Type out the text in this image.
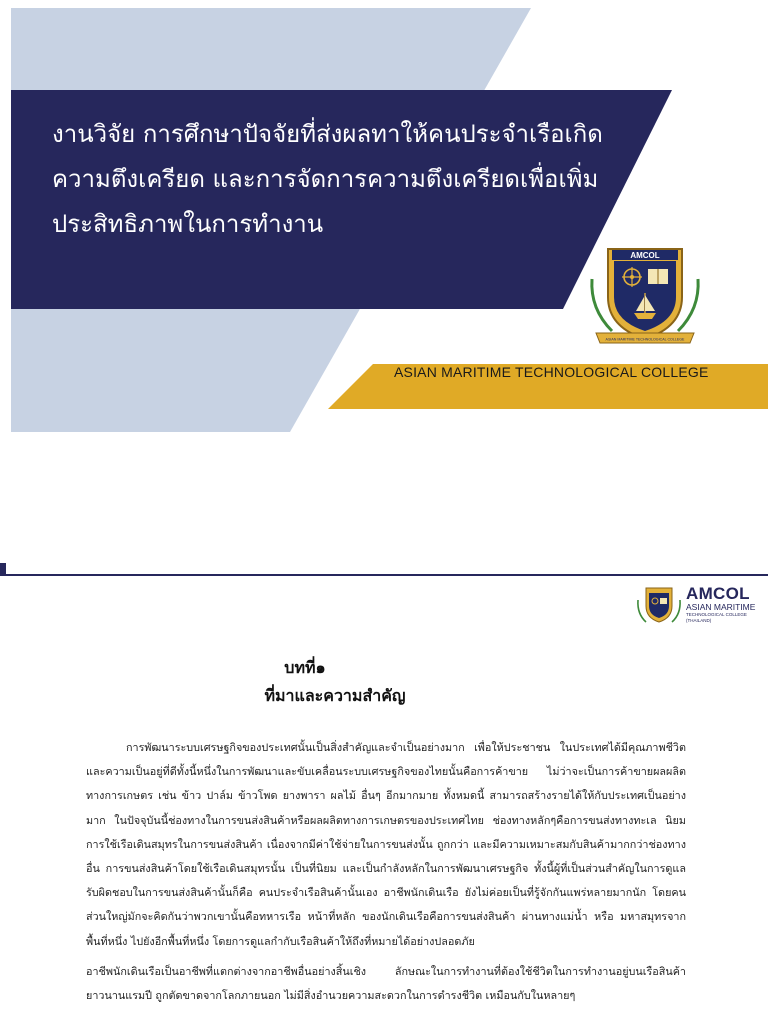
งานวิจัย การศึกษาปัจจัยที่ส่งผลทาให้คนประจำเรือเกิดความตึงเครียด และการจัดการความตึงเครียดเพื่อเพิ่มประสิทธิภาพในการทำงาน
AMCOL
ASIAN MARITIME TECHNOLOGICAL COLLEGE
ASIAN MARITIME TECHNOLOGICAL COLLEGE
AMCOL
ASIAN MARITIME
TECHNOLOGICAL COLLEGE (THAILAND)
บทที่๑
ที่มาและความสำคัญ

การพัฒนาระบบเศรษฐกิจของประเทศนั้นเป็นสิ่งสำคัญและจำเป็นอย่างมาก เพื่อให้ประชาชน ในประเทศได้มีคุณภาพชีวิตและความเป็นอยู่ที่ดีทั้งนี้หนึ่งในการพัฒนาและขับเคลื่อนระบบเศรษฐกิจของไทยนั้นคือการค้าขาย ไม่ว่าจะเป็นการค้าขายผลผลิตทางการเกษตร เช่น ข้าว ปาล์ม ข้าวโพด ยางพารา ผลไม้ อื่นๆ อีกมากมาย ทั้งหมดนี้ สามารถสร้างรายได้ให้กับประเทศเป็นอย่างมาก ในปัจจุบันนี้ช่องทางในการขนส่งสินค้าหรือผลผลิตทางการเกษตรของประเทศไทย ช่องทางหลักๆคือการขนส่งทางทะเล นิยมการใช้เรือเดินสมุทรในการขนส่งสินค้า เนื่องจากมีค่าใช้จ่ายในการขนส่งนั้น ถูกกว่า และมีความเหมาะสมกับสินค้ามากกว่าช่องทางอื่น การขนส่งสินค้าโดยใช้เรือเดินสมุทรนั้น เป็นที่นิยม และเป็นกำลังหลักในการพัฒนาเศรษฐกิจ ทั้งนี้ผู้ที่เป็นส่วนสำคัญในการดูแลรับผิดชอบในการขนส่งสินค้านั้นก็คือ คนประจำเรือสินค้านั้นเอง อาชีพนักเดินเรือ ยังไม่ค่อยเป็นที่รู้จักกันแพร่หลายมากนัก โดยคนส่วนใหญ่มักจะคิดกันว่าพวกเขานั้นคือทหารเรือ หน้าที่หลัก ของนักเดินเรือคือการขนส่งสินค้า ผ่านทางแม่น้ำ หรือ มหาสมุทรจากพื้นที่หนึ่ง ไปยังอีกพื้นที่หนึ่ง โดยการดูแลกำกับเรือสินค้าให้ถึงที่หมายได้อย่างปลอดภัย

อาชีพนักเดินเรือเป็นอาชีพที่แตกต่างจากอาชีพอื่นอย่างสิ้นเชิง ลักษณะในการทำงานที่ต้องใช้ชีวิตในการทำงานอยู่บนเรือสินค้ายาวนานแรมปี ถูกตัดขาดจากโลกภายนอก ไม่มีสิ่งอำนวยความสะดวกในการดำรงชีวิต เหมือนกับในหลายๆ
